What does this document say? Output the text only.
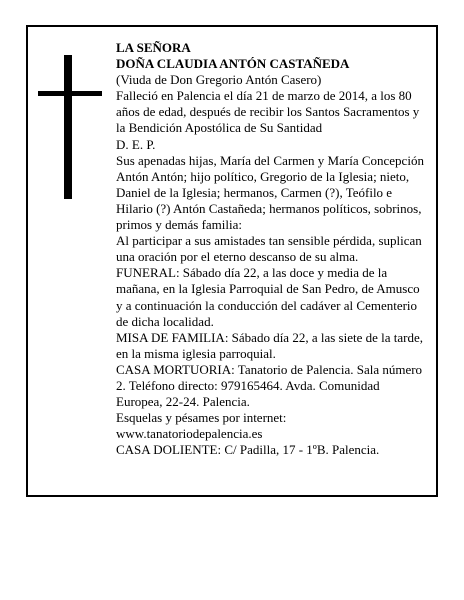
LA SEÑORA

DOÑA CLAUDIA ANTÓN CASTAÑEDA

(Viuda de Don Gregorio Antón Casero)

Falleció en Palencia el día 21 de marzo de 2014, a los 80 años de edad, después de recibir los Santos Sacramentos y la Bendición Apostólica de Su Santidad

D. E. P.

Sus apenadas hijas, María del Carmen y María Concepción Antón Antón; hijo político, Gregorio de la Iglesia; nieto, Daniel de la Iglesia; hermanos, Carmen (?), Teófilo e Hilario (?) Antón Castañeda; hermanos políticos, sobrinos, primos y demás familia:

Al participar a sus amistades tan sensible pérdida, suplican una oración por el eterno descanso de su alma.

FUNERAL: Sábado día 22, a las doce y media de la mañana, en la Iglesia Parroquial de San Pedro, de Amusco y a continuación la conducción del cadáver al Cementerio de dicha localidad.

MISA DE FAMILIA: Sábado día 22, a las siete de la tarde, en la misma iglesia parroquial.

CASA MORTUORIA: Tanatorio de Palencia. Sala número 2. Teléfono directo: 979165464. Avda. Comunidad Europea, 22-24. Palencia.

Esquelas y pésames por internet:

www.tanatoriodepalencia.es

CASA DOLIENTE: C/ Padilla, 17 - 1ºB. Palencia.
